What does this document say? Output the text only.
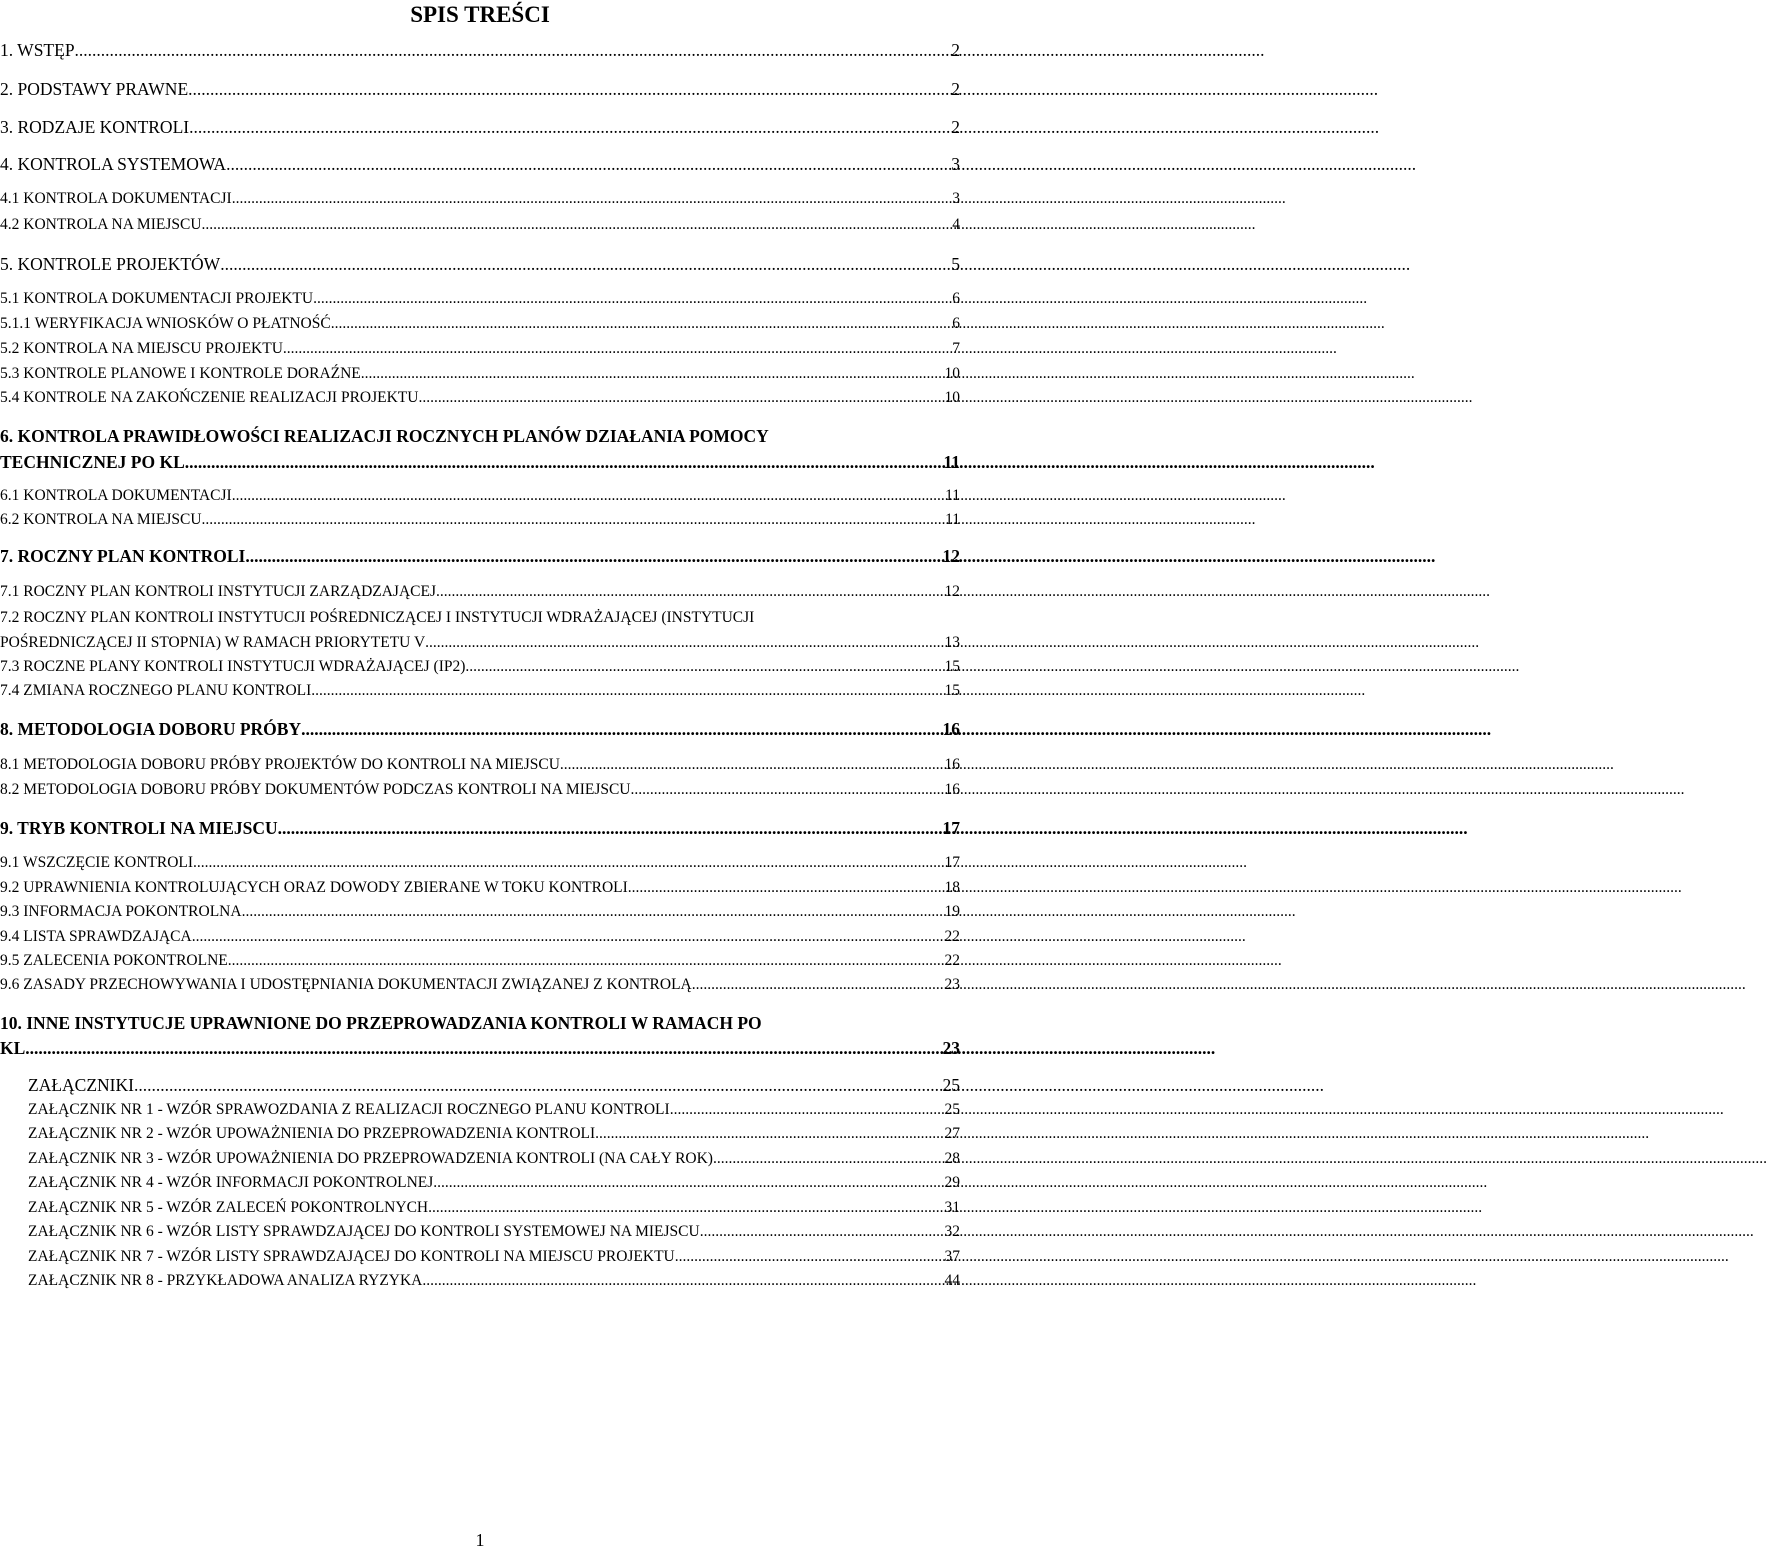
SPIS TREŚCI
1. WSTĘP .....	2
2. PODSTAWY PRAWNE .....	2
3. RODZAJE KONTROLI .....	2
4. KONTROLA SYSTEMOWA .....	3
4.1 KONTROLA DOKUMENTACJI .....	3
4.2 KONTROLA NA MIEJSCU .....	4
5. KONTROLE PROJEKTÓW .....	5
5.1 KONTROLA DOKUMENTACJI PROJEKTU .....	6
5.1.1 WERYFIKACJA WNIOSKÓW O PŁATNOŚĆ .....	6
5.2 KONTROLA NA MIEJSCU PROJEKTU .....	7
5.3 KONTROLE PLANOWE I KONTROLE DORAŹNE .....	10
5.4 KONTROLE NA ZAKOŃCZENIE REALIZACJI PROJEKTU .....	10
6. KONTROLA PRAWIDŁOWOŚCI REALIZACJI ROCZNYCH PLANÓW DZIAŁANIA POMOCY
TECHNICZNEJ PO KL .....	11
6.1 KONTROLA DOKUMENTACJI .....	11
6.2 KONTROLA NA MIEJSCU .....	11
7. ROCZNY PLAN KONTROLI .....	12
7.1 ROCZNY PLAN KONTROLI INSTYTUCJI ZARZĄDZAJĄCEJ .....	12
7.2 ROCZNY PLAN KONTROLI INSTYTUCJI POŚREDNICZĄCEJ I INSTYTUCJI WDRAŻAJĄCEJ (INSTYTUCJI
POŚREDNICZĄCEJ II STOPNIA) W RAMACH PRIORYTETU V .....	13
7.3 ROCZNE PLANY KONTROLI INSTYTUCJI WDRAŻAJĄCEJ (IP2) .....	15
7.4 ZMIANA ROCZNEGO PLANU KONTROLI .....	15
8. METODOLOGIA DOBORU PRÓBY .....	16
8.1 METODOLOGIA DOBORU PRÓBY PROJEKTÓW DO KONTROLI NA MIEJSCU .....	16
8.2 METODOLOGIA DOBORU PRÓBY DOKUMENTÓW PODCZAS KONTROLI NA MIEJSCU .....	16
9. TRYB KONTROLI NA MIEJSCU .....	17
9.1 WSZCZĘCIE KONTROLI .....	17
9.2 UPRAWNIENIA KONTROLUJĄCYCH ORAZ DOWODY ZBIERANE W TOKU KONTROLI .....	18
9.3 INFORMACJA POKONTROLNA .....	19
9.4 LISTA SPRAWDZAJĄCA .....	22
9.5 ZALECENIA POKONTROLNE .....	22
9.6 ZASADY PRZECHOWYWANIA I UDOSTĘPNIANIA DOKUMENTACJI ZWIĄZANEJ Z KONTROLĄ .....	23
10. INNE INSTYTUCJE UPRAWNIONE DO PRZEPROWADZANIA KONTROLI W RAMACH PO
KL .....	23
ZAŁĄCZNIKI .....	25
ZAŁĄCZNIK NR 1 - WZÓR SPRAWOZDANIA Z REALIZACJI ROCZNEGO PLANU KONTROLI .....	25
ZAŁĄCZNIK NR 2 - WZÓR UPOWAŻNIENIA DO PRZEPROWADZENIA KONTROLI .....	27
ZAŁĄCZNIK NR 3 - WZÓR UPOWAŻNIENIA DO PRZEPROWADZENIA KONTROLI (NA CAŁY ROK) .....	28
ZAŁĄCZNIK NR 4 - WZÓR INFORMACJI POKONTROLNEJ .....	29
ZAŁĄCZNIK NR 5 - WZÓR ZALECEŃ POKONTROLNYCH .....	31
ZAŁĄCZNIK NR 6 - WZÓR LISTY SPRAWDZAJĄCEJ DO KONTROLI SYSTEMOWEJ NA MIEJSCU .....	32
ZAŁĄCZNIK NR 7 - WZÓR LISTY SPRAWDZAJĄCEJ DO KONTROLI NA MIEJSCU PROJEKTU .....	37
ZAŁĄCZNIK NR 8 - PRZYKŁADOWA ANALIZA RYZYKA .....	44
1
